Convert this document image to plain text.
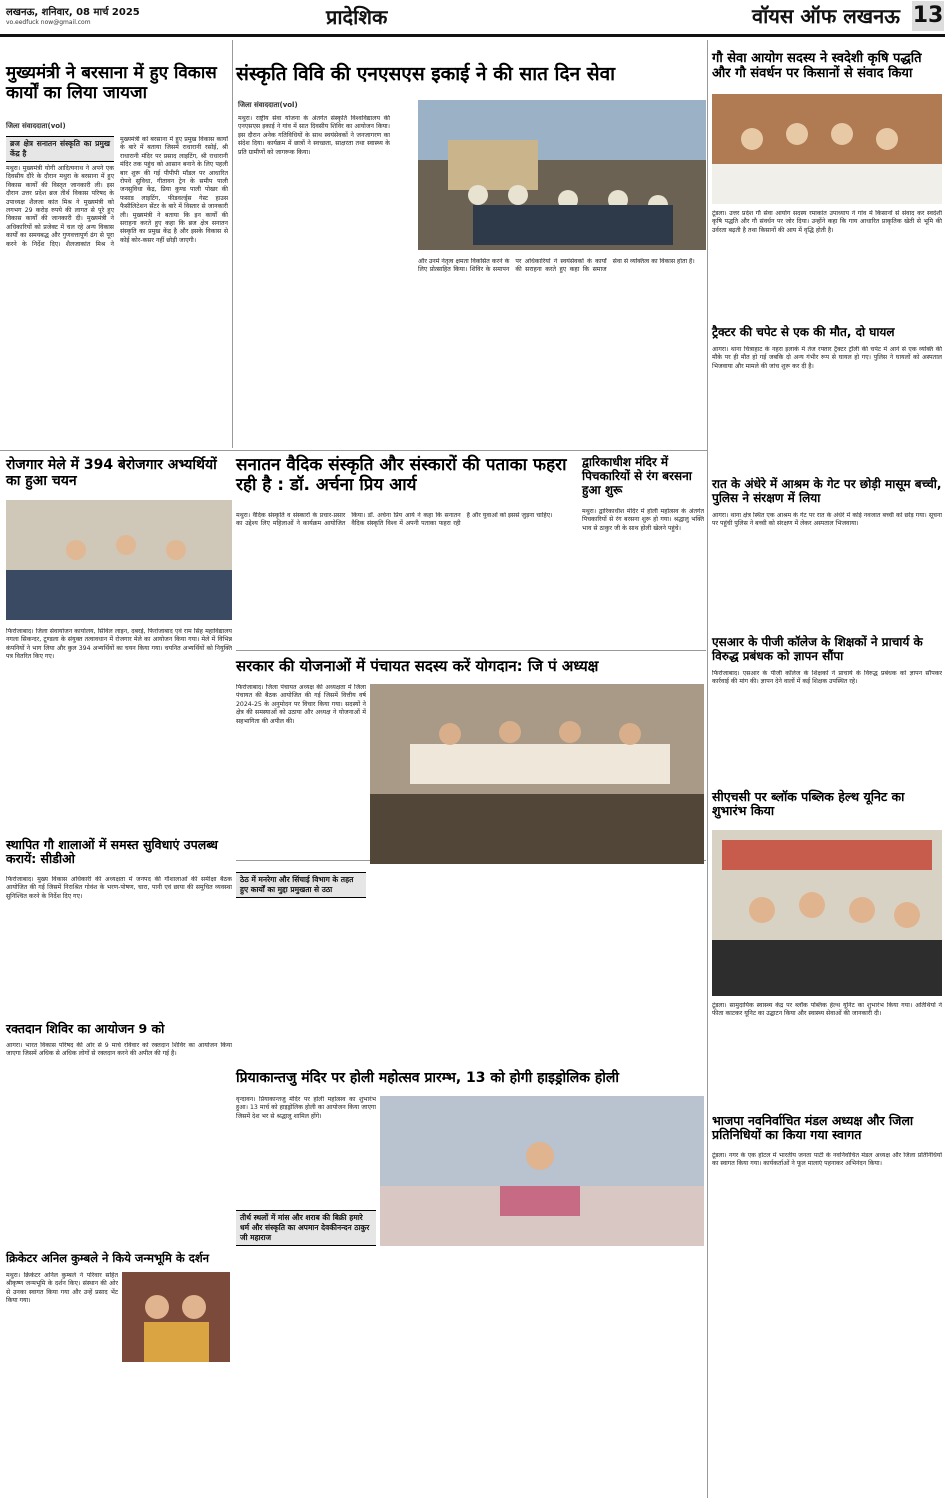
लखनऊ, शनिवार, 08 मार्च 2025
vo.eedfuck now@gmail.com	प्रादेशिक	वॉयस ऑफ लखनऊ 13
मुख्यमंत्री ने बरसाना में हुए विकास कार्यों का लिया जायजा
जिला संवाददाता(vol)
ब्रज क्षेत्र सनातन संस्कृति का प्रमुख केंद्र है
मथुरा। मुख्यमंत्री योगी आदित्यनाथ ने अपने एक दिवसीय दौरे के दौरान मथुरा के बरसाना में हुए विकास कार्यों की विस्तृत जानकारी ली। इस दौरान उत्तर प्रदेश ब्रज तीर्थ विकास परिषद के उपाध्यक्ष शैलजा कांत मिश्र ने मुख्यमंत्री को लगभग 29 करोड़ रुपये की लागत से पूरे हुए विकास कार्यों की जानकारी दी। मुख्यमंत्री ने अधिकारियों को प्रजेक्ट में चल रहे अन्य विकास कार्यों का समयबद्ध और गुणवत्तापूर्ण ढंग से पूरा करने के निर्देश दिए। शैलजाकांत मिश्र ने मुख्यमंत्री को बरसाना में हुए प्रमुख विकास कार्यों के बारे में बताया जिसमें राधारानी रसोई, श्री राधारानी मंदिर पर प्रसाद लाइटिंग, श्री राधारानी मंदिर तक पहुंच को आसान बनाने के लिए पहली बार शुरू की गई पीपीपी मॉडल पर आधारित रोपवे सुविधा, गीतावन ट्रेन के समीप पाली जनसुविधा केंद्र, प्रिया कुण्ड पाली पोखर की फसाड लाइटिंग, फीडवर्ल्ड्स गेस्ट हाउस फैसीलिटेशन सेंटर के बारे में विस्तार से जानकारी ली। मुख्यमंत्री ने बताया कि इन कार्यों की सराहना करते हुए कहा कि ब्रज क्षेत्र सनातन संस्कृति का प्रमुख केंद्र है और इसके विकास से कोई कोर-कसर नहीं छोड़ी जाएगी।
संस्कृति विवि की एनएसएस इकाई ने की सात दिन सेवा
जिला संवाददाता(vol)
मथुरा। राष्ट्रीय सेवा योजना के अंतर्गत संस्कृति विश्वविद्यालय की एनएसएस इकाई ने गांव में सात दिवसीय शिविर का आयोजन किया। इस दौरान अनेक गतिविधियों के साथ स्वयंसेवकों ने जनजागरण का संदेश दिया। कार्यक्रम में छात्रों ने स्वच्छता, साक्षरता तथा स्वास्थ्य के प्रति ग्रामीणों को जागरूक किया।
और उनमें नेतृत्व क्षमता विकसित करने के लिए प्रोत्साहित किया। शिविर के समापन पर अधिकारियों ने स्वयंसेवकों के कार्यों की सराहना करते हुए कहा कि समाज सेवा से व्यक्तित्व का विकास होता है।
गौ सेवा आयोग सदस्य ने स्वदेशी कृषि पद्धति और गौ संवर्धन पर किसानों से संवाद किया
टूंडला। उत्तर प्रदेश गौ सेवा आयोग सदस्य रमाकांत उपाध्याय ने गांव में किसानों से संवाद कर स्वदेशी कृषि पद्धति और गौ संवर्धन पर जोर दिया। उन्होंने कहा कि गाय आधारित प्राकृतिक खेती से भूमि की उर्वरता बढ़ती है तथा किसानों की आय में वृद्धि होती है।
ट्रैक्टर की चपेट से एक की मौत, दो घायल
आगरा। थाना चित्राहाट के नहरा इलाके में तेज रफ्तार ट्रैक्टर ट्रॉली की चपेट में आने से एक व्यक्ति की मौके पर ही मौत हो गई जबकि दो अन्य गंभीर रूप से घायल हो गए। पुलिस ने घायलों को अस्पताल भिजवाया और मामले की जांच शुरू कर दी है।
रोजगार मेले में 394 बेरोजगार अभ्यर्थियों का हुआ चयन
फिरोजाबाद। जिला सेवायोजन कार्यालय, सिविल लाइन, दबरई, फिरोजाबाद एवं राम सिंह महाविद्यालय नगला सिकन्दर, टूण्डला के संयुक्त तत्वावधान में रोजगार मेले का आयोजन किया गया। मेले में विभिन्न कंपनियों ने भाग लिया और कुल 394 अभ्यर्थियों का चयन किया गया। चयनित अभ्यर्थियों को नियुक्ति पत्र वितरित किए गए।
स्थापित गौ शालाओं में समस्त सुविधाएं उपलब्ध करायें: सीडीओ
फिरोजाबाद। मुख्य विकास अधिकारी की अध्यक्षता में जनपद की गौशालाओं की समीक्षा बैठक आयोजित की गई जिसमें निराश्रित गोवंश के भरण-पोषण, चारा, पानी एवं छाया की समुचित व्यवस्था सुनिश्चित करने के निर्देश दिए गए।
रक्तदान शिविर का आयोजन 9 को
आगरा। भारत विकास परिषद की ओर से 9 मार्च रविवार को रक्तदान शिविर का आयोजन किया जाएगा जिसमें अधिक से अधिक लोगों से रक्तदान करने की अपील की गई है।
क्रिकेटर अनिल कुम्बले ने किये जन्मभूमि के दर्शन
मथुरा। क्रिकेटर अनिल कुम्बले ने परिवार सहित श्रीकृष्ण जन्मभूमि के दर्शन किए। संस्थान की ओर से उनका स्वागत किया गया और उन्हें प्रसाद भेंट किया गया।
सनातन वैदिक संस्कृति और संस्कारों की पताका फहरा रही है : डॉ. अर्चना प्रिय आर्य
मथुरा। वैदिक संस्कृति व संस्कारों के प्रचार-प्रसार का उद्देश्य लिए महिलाओं ने कार्यक्रम आयोजित किया। डॉ. अर्चना प्रिय आर्य ने कहा कि सनातन वैदिक संस्कृति विश्व में अपनी पताका फहरा रही है और युवाओं को इससे जुड़ना चाहिए।
द्वारिकाधीश मंदिर में पिचकारियों से रंग बरसना हुआ शुरू
मथुरा। द्वारिकाधीश मंदिर में होली महोत्सव के अंतर्गत पिचकारियों से रंग बरसना शुरू हो गया। श्रद्धालु भक्ति भाव से ठाकुर जी के साथ होली खेलने पहुंचे।
रात के अंधेरे में आश्रम के गेट पर छोड़ी मासूम बच्ची, पुलिस ने संरक्षण में लिया
आगरा। थाना क्षेत्र स्थित एक आश्रम के गेट पर रात के अंधेरे में कोई नवजात बच्ची को छोड़ गया। सूचना पर पहुंची पुलिस ने बच्ची को संरक्षण में लेकर अस्पताल भिजवाया।
एसआर के पीजी कॉलेज के शिक्षकों ने प्राचार्य के विरुद्ध प्रबंधक को ज्ञापन सौंपा
फिरोजाबाद। एसआर के पीजी कॉलेज के शिक्षकों ने प्राचार्य के विरुद्ध प्रबंधक को ज्ञापन सौंपकर कार्रवाई की मांग की। ज्ञापन देने वालों में कई शिक्षक उपस्थित रहे।
सीएचसी पर ब्लॉक पब्लिक हेल्थ यूनिट का शुभारंभ किया
टूंडला। सामुदायिक स्वास्थ्य केंद्र पर ब्लॉक पब्लिक हेल्थ यूनिट का शुभारंभ किया गया। अतिथियों ने फीता काटकर यूनिट का उद्घाटन किया और स्वास्थ्य सेवाओं की जानकारी दी।
भाजपा नवनिर्वाचित मंडल अध्यक्ष और जिला प्रतिनिधियों का किया गया स्वागत
टूंडला। नगर के एक होटल में भारतीय जनता पार्टी के नवनिर्वाचित मंडल अध्यक्ष और जिला प्रतिनिधियों का स्वागत किया गया। कार्यकर्ताओं ने फूल मालाएं पहनाकर अभिनंदन किया।
सरकार की योजनाओं में पंचायत सदस्य करें योगदान: जि पं अध्यक्ष
फिरोजाबाद। जिला पंचायत अध्यक्ष की अध्यक्षता में जिला पंचायत की बैठक आयोजित की गई जिसमें वित्तीय वर्ष 2024-25 के अनुमोदन पर विचार किया गया। सदस्यों ने क्षेत्र की समस्याओं को उठाया और अध्यक्ष ने योजनाओं में सहभागिता की अपील की।
ठेठ में मनरेगा और सिंचाई विभाग के तहत हुए कार्यों का मुद्दा प्रमुखता से उठा
प्रियाकान्तजु मंदिर पर होली महोत्सव प्रारम्भ, 13 को होगी हाइड्रोलिक होली
वृन्दावन। प्रियाकान्तजु मंदिर पर होली महोत्सव का शुभारंभ हुआ। 13 मार्च को हाइड्रोलिक होली का आयोजन किया जाएगा जिसमें देश भर से श्रद्धालु शामिल होंगे।
तीर्थ स्थलों में मांस और शराब की बिक्री हमारे धर्म और संस्कृति का अपमान देवकीनन्दन ठाकुर जी महाराज
